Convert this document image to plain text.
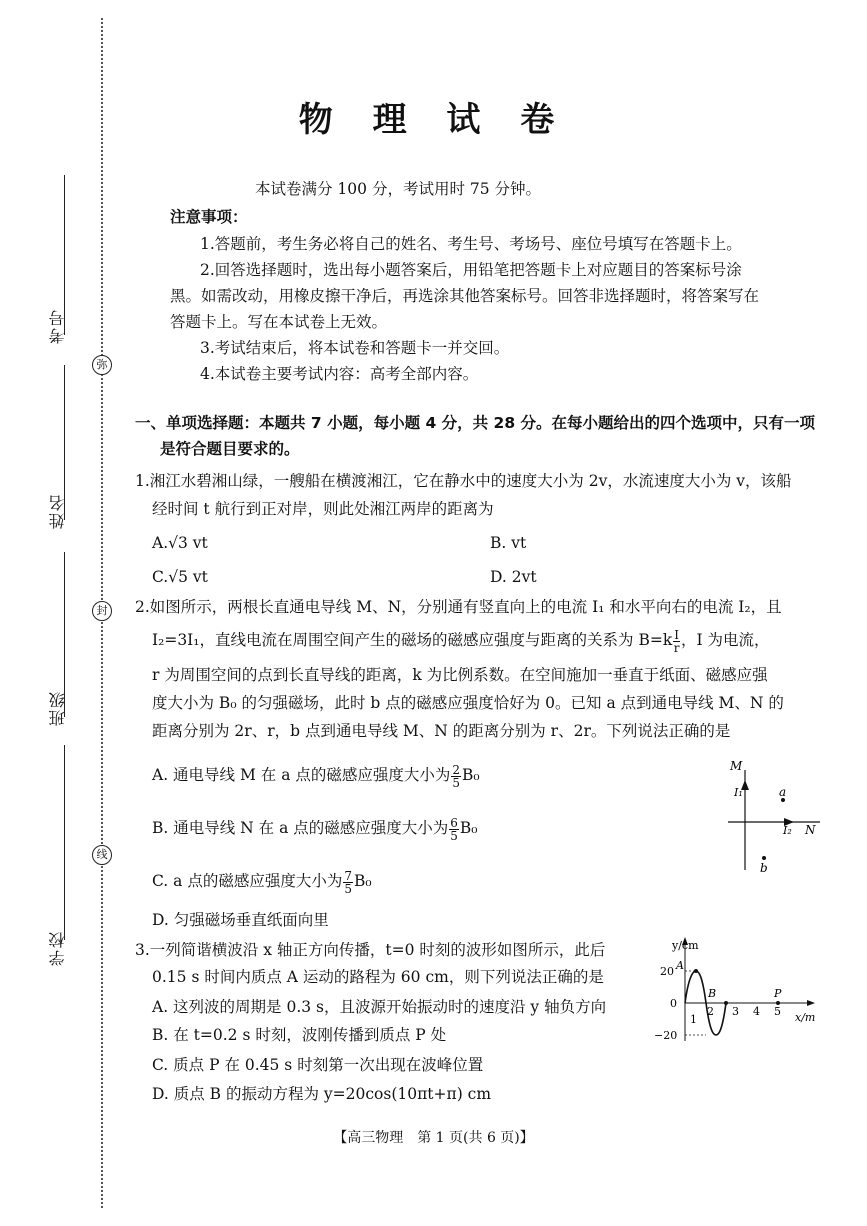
考号
弥
姓名
封
班级
线
学校
物 理 试 卷
本试卷满分 100 分，考试用时 75 分钟。
注意事项：
1.答题前，考生务必将自己的姓名、考生号、考场号、座位号填写在答题卡上。
2.回答选择题时，选出每小题答案后，用铅笔把答题卡上对应题目的答案标号涂
黑。如需改动，用橡皮擦干净后，再选涂其他答案标号。回答非选择题时，将答案写在
答题卡上。写在本试卷上无效。
3.考试结束后，将本试卷和答题卡一并交回。
4.本试卷主要考试内容：高考全部内容。
一、单项选择题：本题共 7 小题，每小题 4 分，共 28 分。在每小题给出的四个选项中，只有一项
是符合题目要求的。
1.湘江水碧湘山绿，一艘船在横渡湘江，它在静水中的速度大小为 2v，水流速度大小为 v，该船
经时间 t 航行到正对岸，则此处湘江两岸的距离为
A.√3 vt	B. vt
C.√5 vt	D. 2vt
2.如图所示，两根长直通电导线 M、N，分别通有竖直向上的电流 I₁ 和水平向右的电流 I₂，且
I₂=3I₁，直线电流在周围空间产生的磁场的磁感应强度与距离的关系为 $B=k \frac{I}{r}$ ，I 为电流，
r 为周围空间的点到长直导线的距离，k 为比例系数。在空间施加一垂直于纸面、磁感应强
度大小为 B₀ 的匀强磁场，此时 b 点的磁感应强度恰好为 0。已知 a 点到通电导线 M、N 的
距离分别为 2r、r，b 点到通电导线 M、N 的距离分别为 r、2r。下列说法正确的是
A. 通电导线 M 在 a 点的磁感应强度大小为 $\frac{2}{5} B_0$
B. 通电导线 N 在 a 点的磁感应强度大小为 $\frac{6}{5} B_0$
C. a 点的磁感应强度大小为 $\frac{7}{5} B_0$
D. 匀强磁场垂直纸面向里
M
I₁	a
I₂ N
b
3.一列简谐横波沿 x 轴正方向传播，t=0 时刻的波形如图所示，此后
0.15 s 时间内质点 A 运动的路程为 60 cm，则下列说法正确的是
A. 这列波的周期是 0.3 s，且波源开始振动时的速度沿 y 轴负方向
B. 在 t=0.2 s 时刻，波刚传播到质点 P 处
C. 质点 P 在 0.45 s 时刻第一次出现在波峰位置
D. 质点 B 的振动方程为 y=20cos(10πt+π) cm
y/cm
x/m
20
0
−20
1
2 3 4 5
A
B	P
【高三物理　第 1 页(共 6 页)】
